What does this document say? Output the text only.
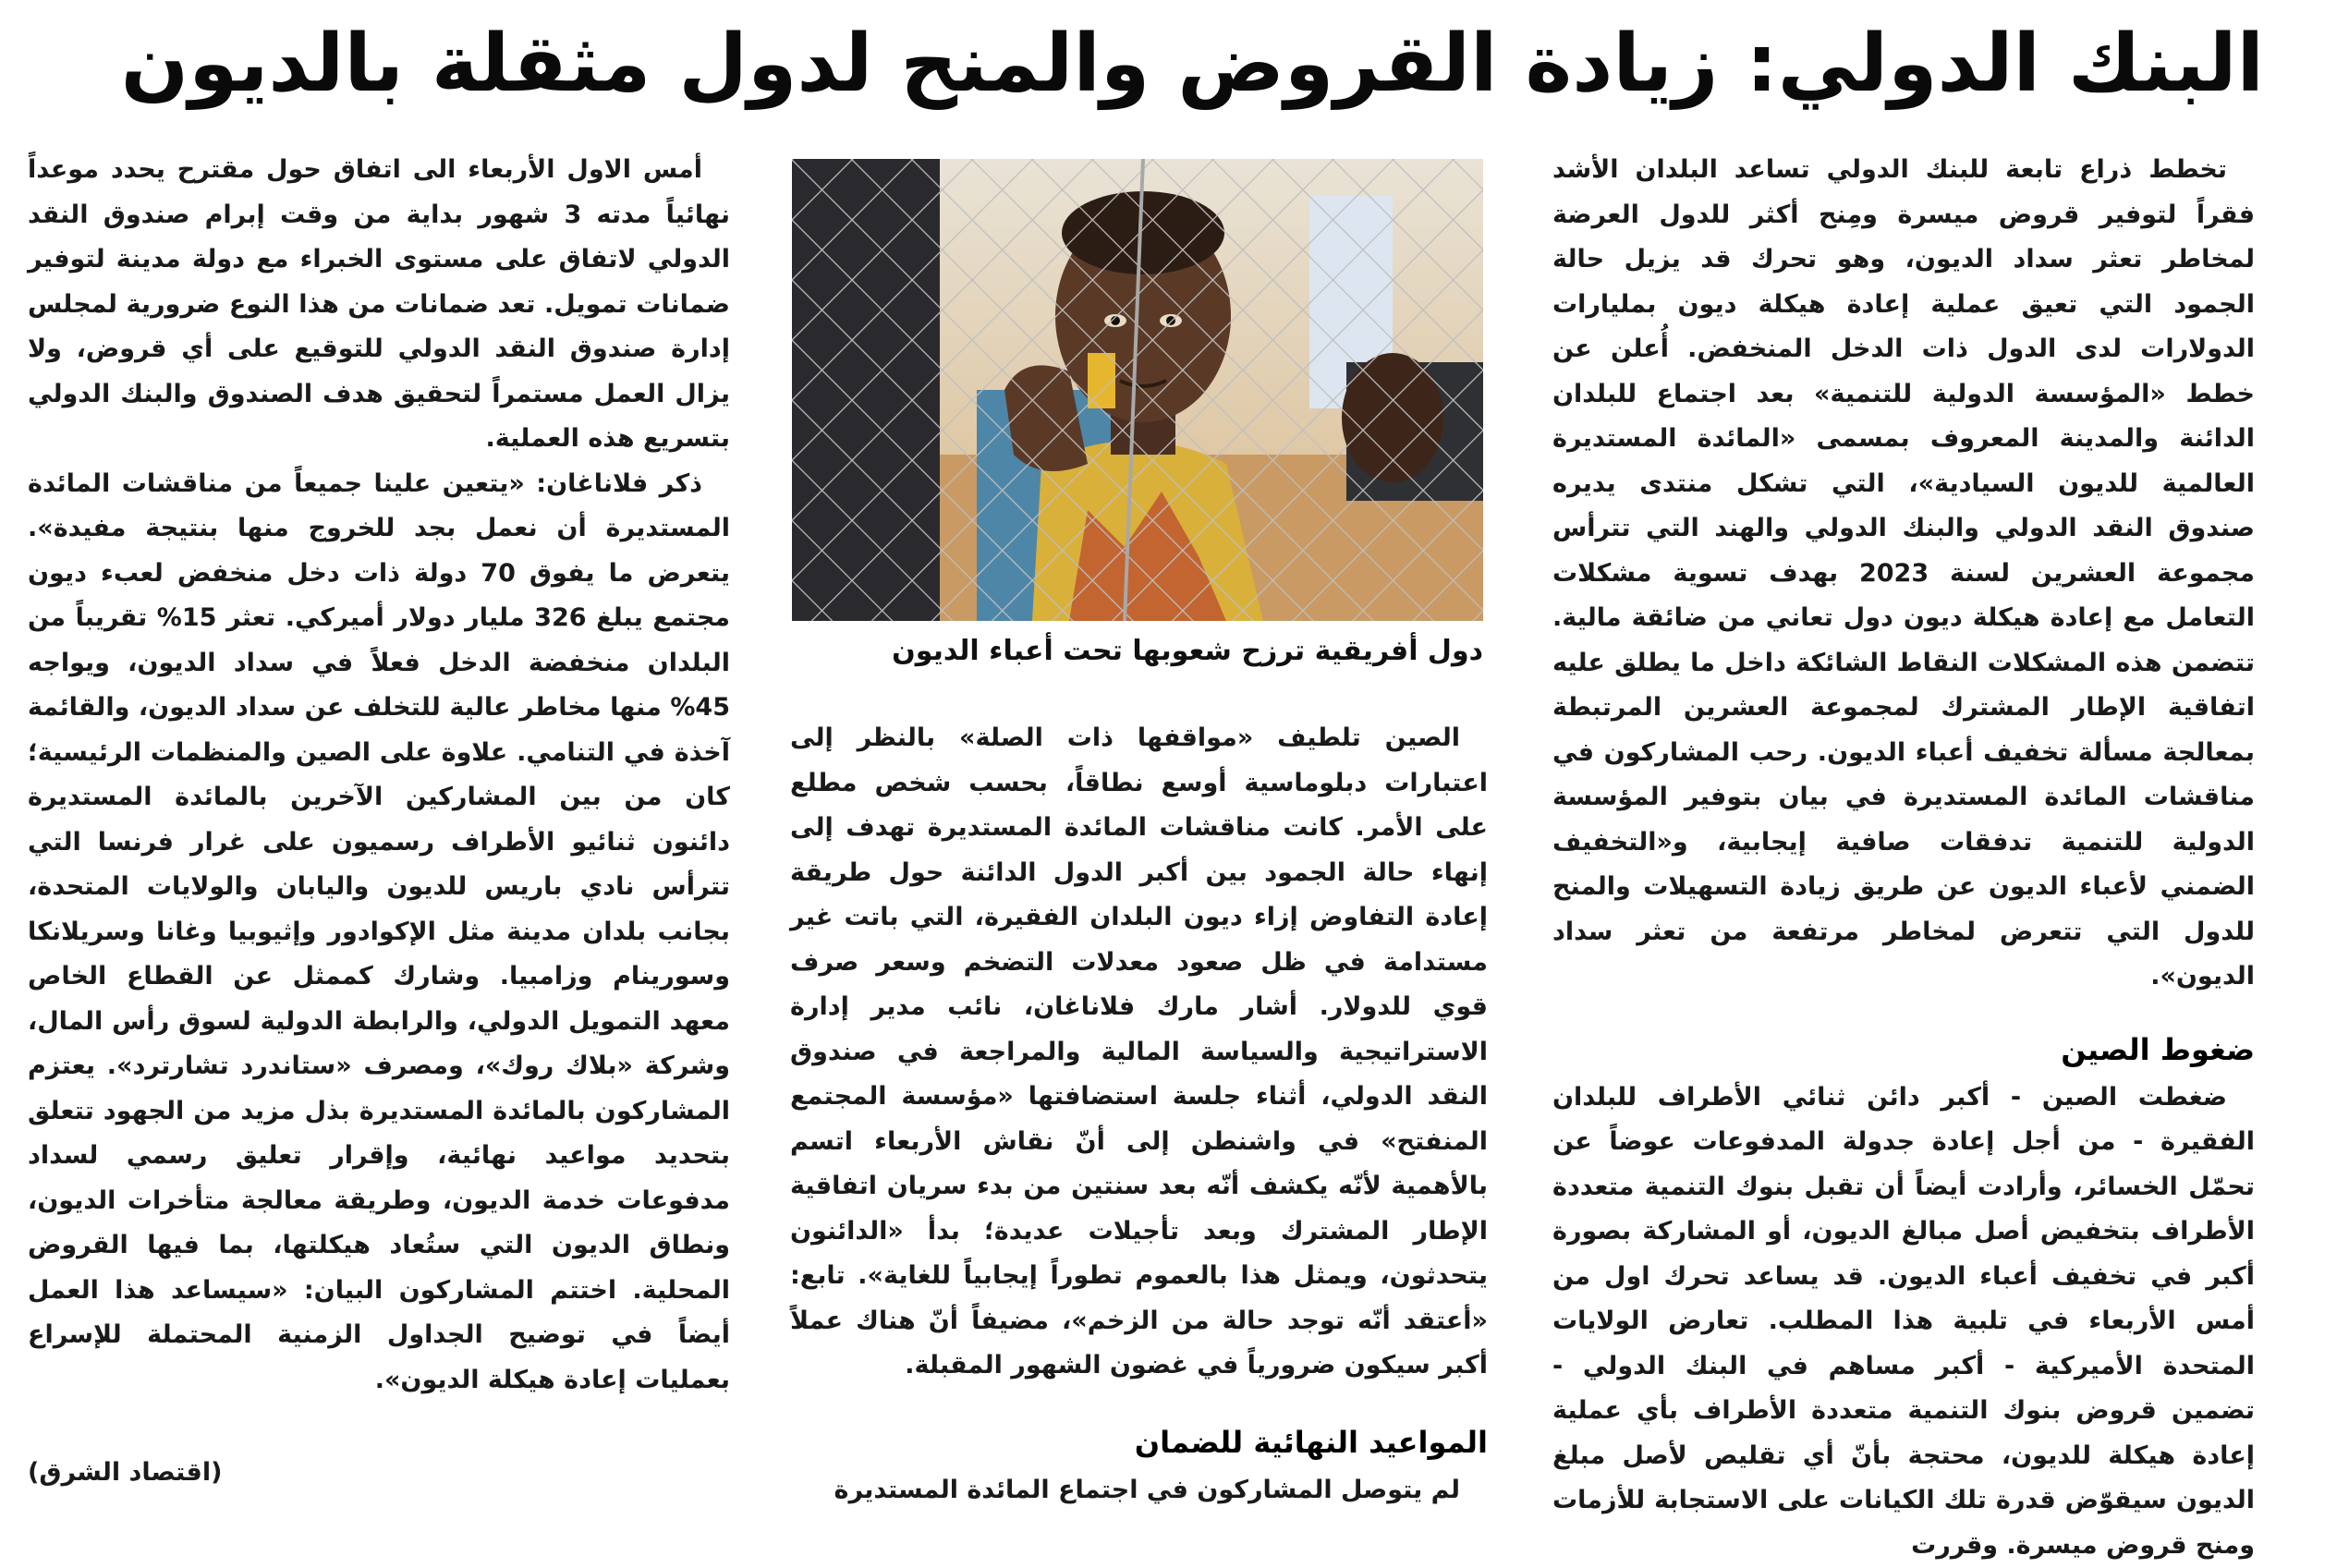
البنك الدولي: زيادة القروض والمنح لدول مثقلة بالديون

تخطط ذراع تابعة للبنك الدولي تساعد البلدان الأشد فقراً لتوفير قروض ميسرة ومِنح أكثر للدول العرضة لمخاطر تعثر سداد الديون، وهو تحرك قد يزيل حالة الجمود التي تعيق عملية إعادة هيكلة ديون بمليارات الدولارات لدى الدول ذات الدخل المنخفض. أُعلن عن خطط «المؤسسة الدولية للتنمية» بعد اجتماع للبلدان الدائنة والمدينة المعروف بمسمى «المائدة المستديرة العالمية للديون السيادية»، التي تشكل منتدى يديره صندوق النقد الدولي والبنك الدولي والهند التي تترأس مجموعة العشرين لسنة 2023 بهدف تسوية مشكلات التعامل مع إعادة هيكلة ديون دول تعاني من ضائقة مالية. تتضمن هذه المشكلات النقاط الشائكة داخل ما يطلق عليه اتفاقية الإطار المشترك لمجموعة العشرين المرتبطة بمعالجة مسألة تخفيف أعباء الديون. رحب المشاركون في مناقشات المائدة المستديرة في بيان بتوفير المؤسسة الدولية للتنمية تدفقات صافية إيجابية، و«التخفيف الضمني لأعباء الديون عن طريق زيادة التسهيلات والمنح للدول التي تتعرض لمخاطر مرتفعة من تعثر سداد الديون».

ضغوط الصين

ضغطت الصين - أكبر دائن ثنائي الأطراف للبلدان الفقيرة - من أجل إعادة جدولة المدفوعات عوضاً عن تحمّل الخسائر، وأرادت أيضاً أن تقبل بنوك التنمية متعددة الأطراف بتخفيض أصل مبالغ الديون، أو المشاركة بصورة أكبر في تخفيف أعباء الديون. قد يساعد تحرك اول من أمس الأربعاء في تلبية هذا المطلب. تعارض الولايات المتحدة الأميركية - أكبر مساهم في البنك الدولي - تضمين قروض بنوك التنمية متعددة الأطراف بأي عملية إعادة هيكلة للديون، محتجة بأنّ أي تقليص لأصل مبلغ الديون سيقوّض قدرة تلك الكيانات على الاستجابة للأزمات ومنح قروض ميسرة. وقررت

دول أفريقية ترزح شعوبها تحت أعباء الديون

الصين تلطيف «مواقفها ذات الصلة» بالنظر إلى اعتبارات دبلوماسية أوسع نطاقاً، بحسب شخص مطلع على الأمر. كانت مناقشات المائدة المستديرة تهدف إلى إنهاء حالة الجمود بين أكبر الدول الدائنة حول طريقة إعادة التفاوض إزاء ديون البلدان الفقيرة، التي باتت غير مستدامة في ظل صعود معدلات التضخم وسعر صرف قوي للدولار. أشار مارك فلاناغان، نائب مدير إدارة الاستراتيجية والسياسة المالية والمراجعة في صندوق النقد الدولي، أثناء جلسة استضافتها «مؤسسة المجتمع المنفتح» في واشنطن إلى أنّ نقاش الأربعاء اتسم بالأهمية لأنّه يكشف أنّه بعد سنتين من بدء سريان اتفاقية الإطار المشترك وبعد تأجيلات عديدة؛ بدأ «الدائنون يتحدثون، ويمثل هذا بالعموم تطوراً إيجابياً للغاية». تابع: «أعتقد أنّه توجد حالة من الزخم»، مضيفاً أنّ هناك عملاً أكبر سيكون ضرورياً في غضون الشهور المقبلة.

المواعيد النهائية للضمان

لم يتوصل المشاركون في اجتماع المائدة المستديرة

أمس الاول الأربعاء الى اتفاق حول مقترح يحدد موعداً نهائياً مدته 3 شهور بداية من وقت إبرام صندوق النقد الدولي لاتفاق على مستوى الخبراء مع دولة مدينة لتوفير ضمانات تمويل. تعد ضمانات من هذا النوع ضرورية لمجلس إدارة صندوق النقد الدولي للتوقيع على أي قروض، ولا يزال العمل مستمراً لتحقيق هدف الصندوق والبنك الدولي بتسريع هذه العملية.

ذكر فلاناغان: «يتعين علينا جميعاً من مناقشات المائدة المستديرة أن نعمل بجد للخروج منها بنتيجة مفيدة». يتعرض ما يفوق 70 دولة ذات دخل منخفض لعبء ديون مجتمع يبلغ 326 مليار دولار أميركي. تعثر 15% تقريباً من البلدان منخفضة الدخل فعلاً في سداد الديون، ويواجه 45% منها مخاطر عالية للتخلف عن سداد الديون، والقائمة آخذة في التنامي. علاوة على الصين والمنظمات الرئيسية؛ كان من بين المشاركين الآخرين بالمائدة المستديرة دائنون ثنائيو الأطراف رسميون على غرار فرنسا التي تترأس نادي باريس للديون واليابان والولايات المتحدة، بجانب بلدان مدينة مثل الإكوادور وإثيوبيا وغانا وسريلانكا وسورينام وزامبيا. وشارك كممثل عن القطاع الخاص معهد التمويل الدولي، والرابطة الدولية لسوق رأس المال، وشركة «بلاك روك»، ومصرف «ستاندرد تشارترد». يعتزم المشاركون بالمائدة المستديرة بذل مزيد من الجهود تتعلق بتحديد مواعيد نهائية، وإقرار تعليق رسمي لسداد مدفوعات خدمة الديون، وطريقة معالجة متأخرات الديون، ونطاق الديون التي ستُعاد هيكلتها، بما فيها القروض المحلية. اختتم المشاركون البيان: «سيساعد هذا العمل أيضاً في توضيح الجداول الزمنية المحتملة للإسراع بعمليات إعادة هيكلة الديون».

(اقتصاد الشرق)
